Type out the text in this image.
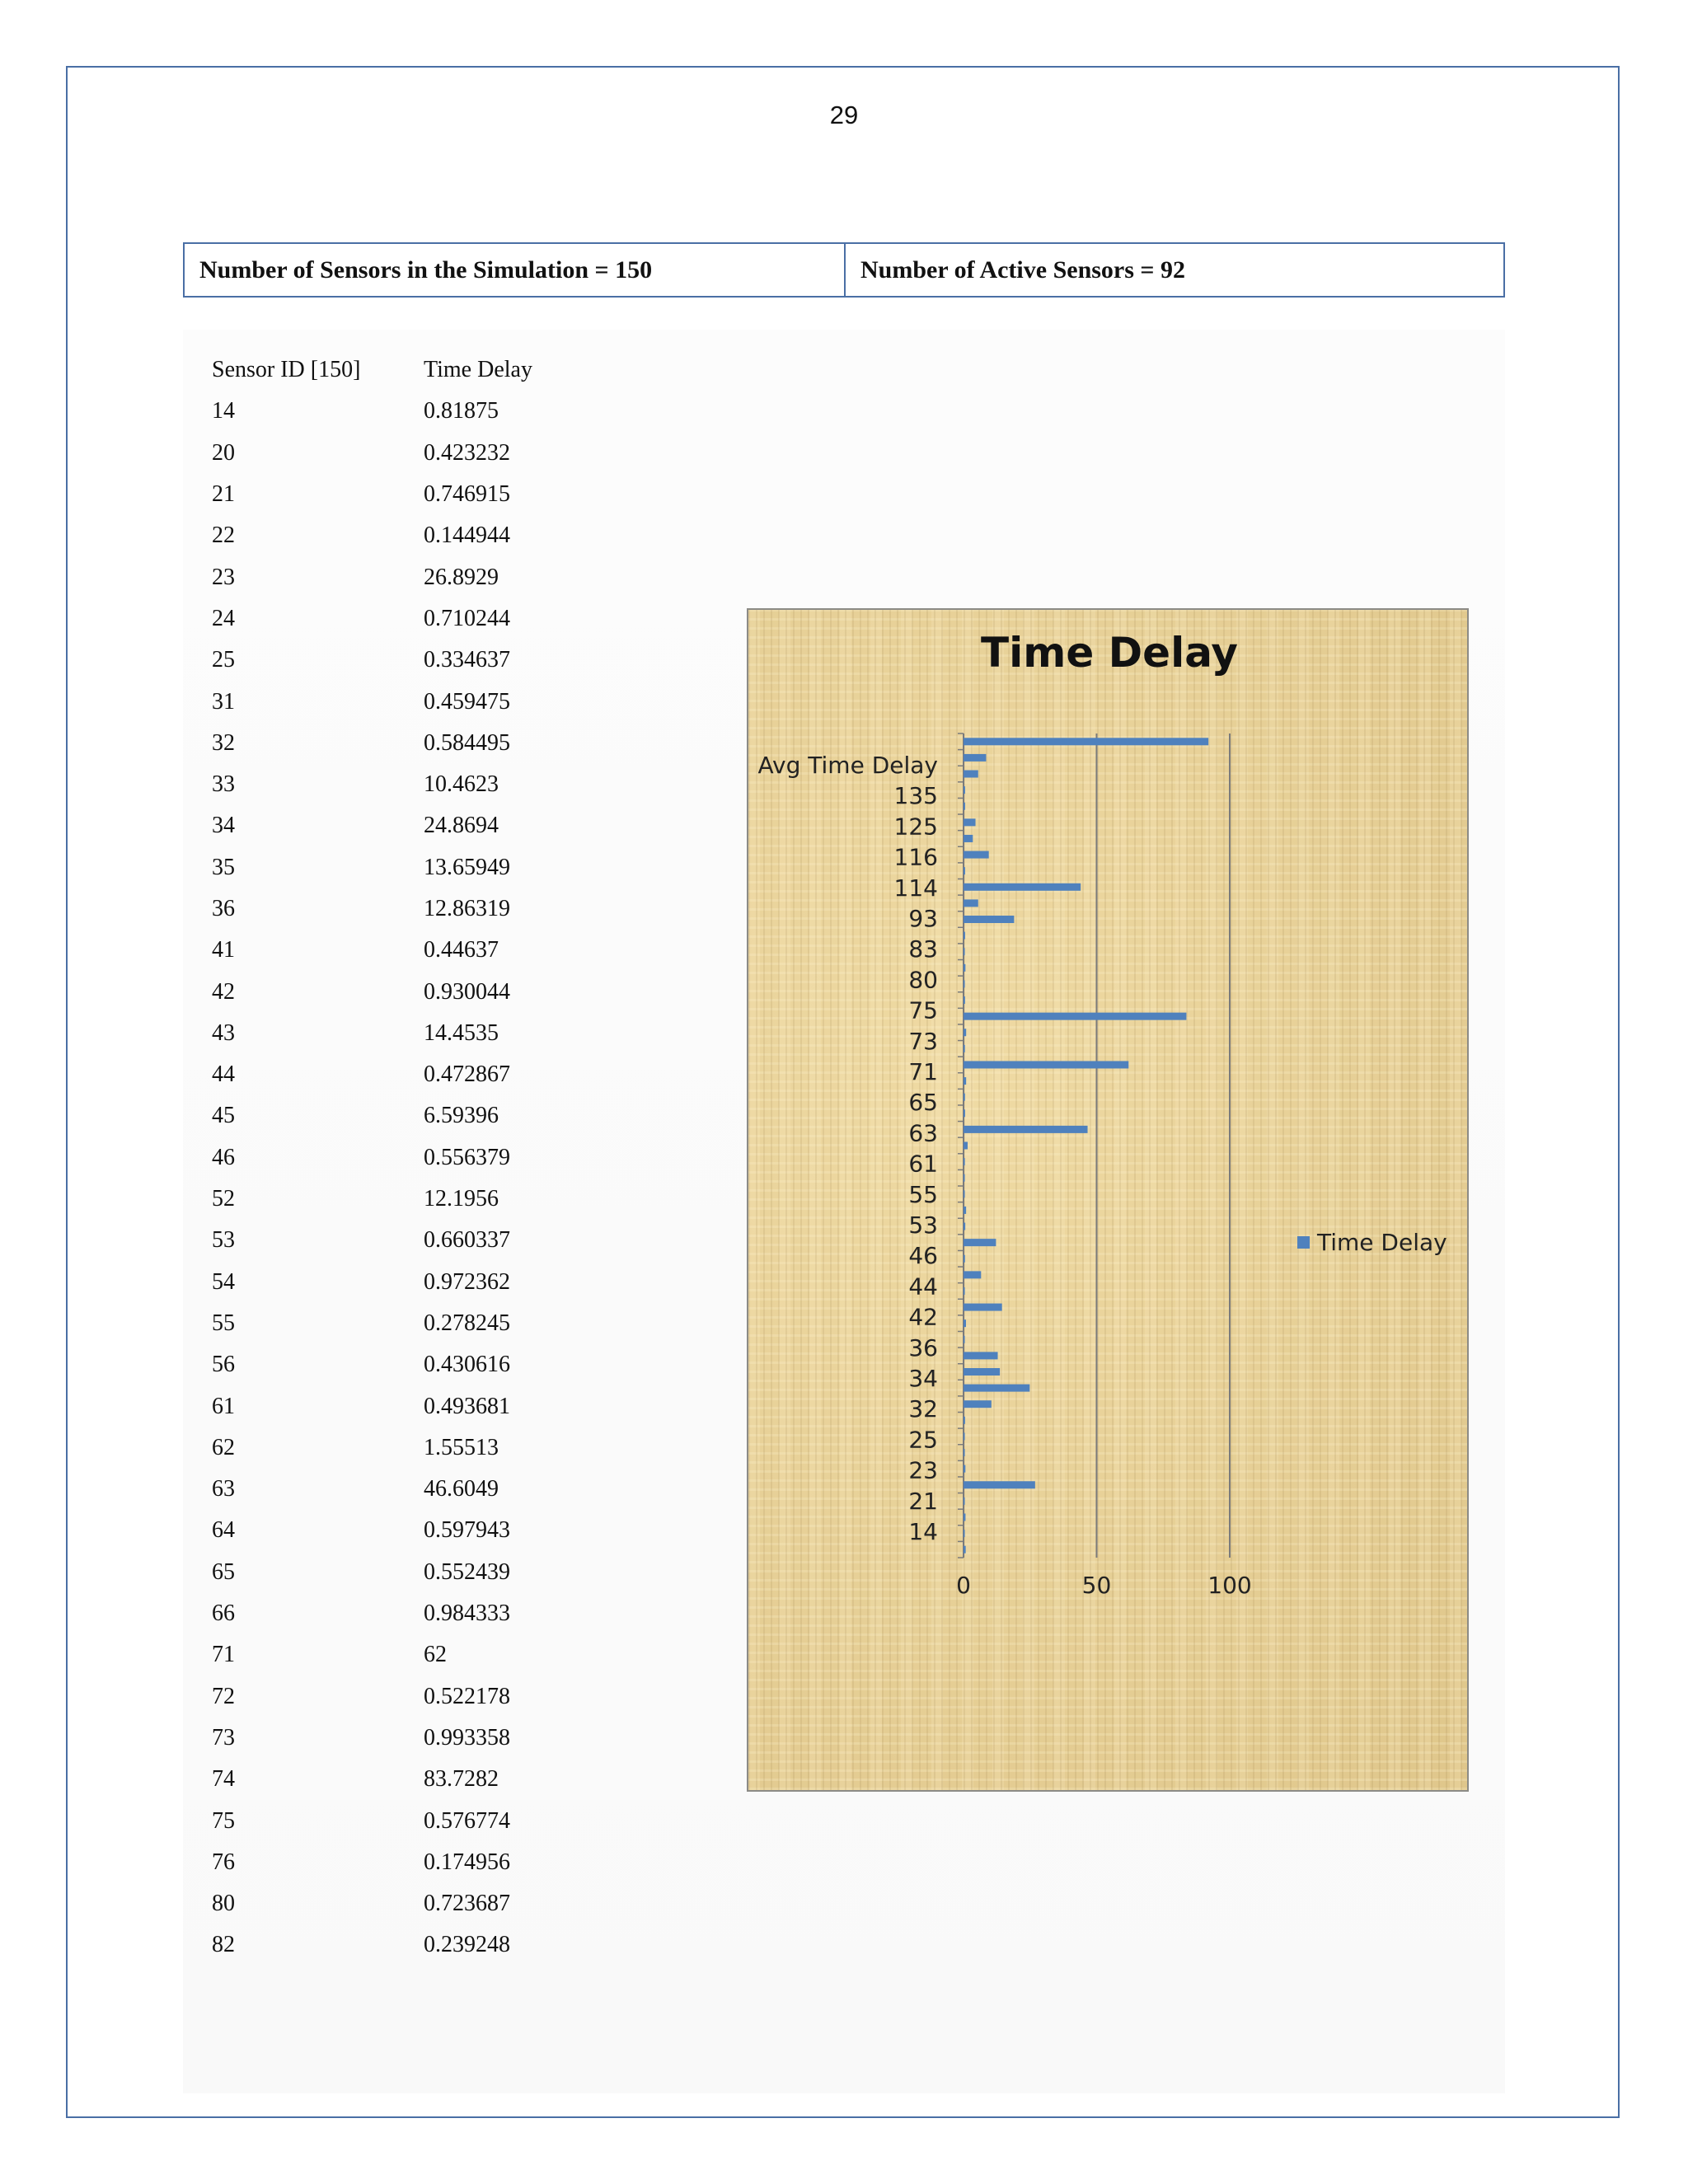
29
Number of Sensors in the Simulation = 150	Number of Active Sensors = 92
Sensor ID [150]	Time Delay
14	0.81875
20	0.423232
21	0.746915
22	0.144944
23	26.8929
24	0.710244
25	0.334637
31	0.459475
32	0.584495
33	10.4623
34	24.8694
35	13.65949
36	12.86319
41	0.44637
42	0.930044
43	14.4535
44	0.472867
45	6.59396
46	0.556379
52	12.1956
53	0.660337
54	0.972362
55	0.278245
56	0.430616
61	0.493681
62	1.55513
63	46.6049
64	0.597943
65	0.552439
66	0.984333
71	62
72	0.522178
73	0.993358
74	83.7282
75	0.576774
76	0.174956
80	0.723687
82	0.239248
Time Delay
0	50	100
14
21
23
25
32
34
36
42
44
46
53
55
61
63
65
71
73
75
80
83
93
114
116
125
135
Avg Time Delay
Time Delay
